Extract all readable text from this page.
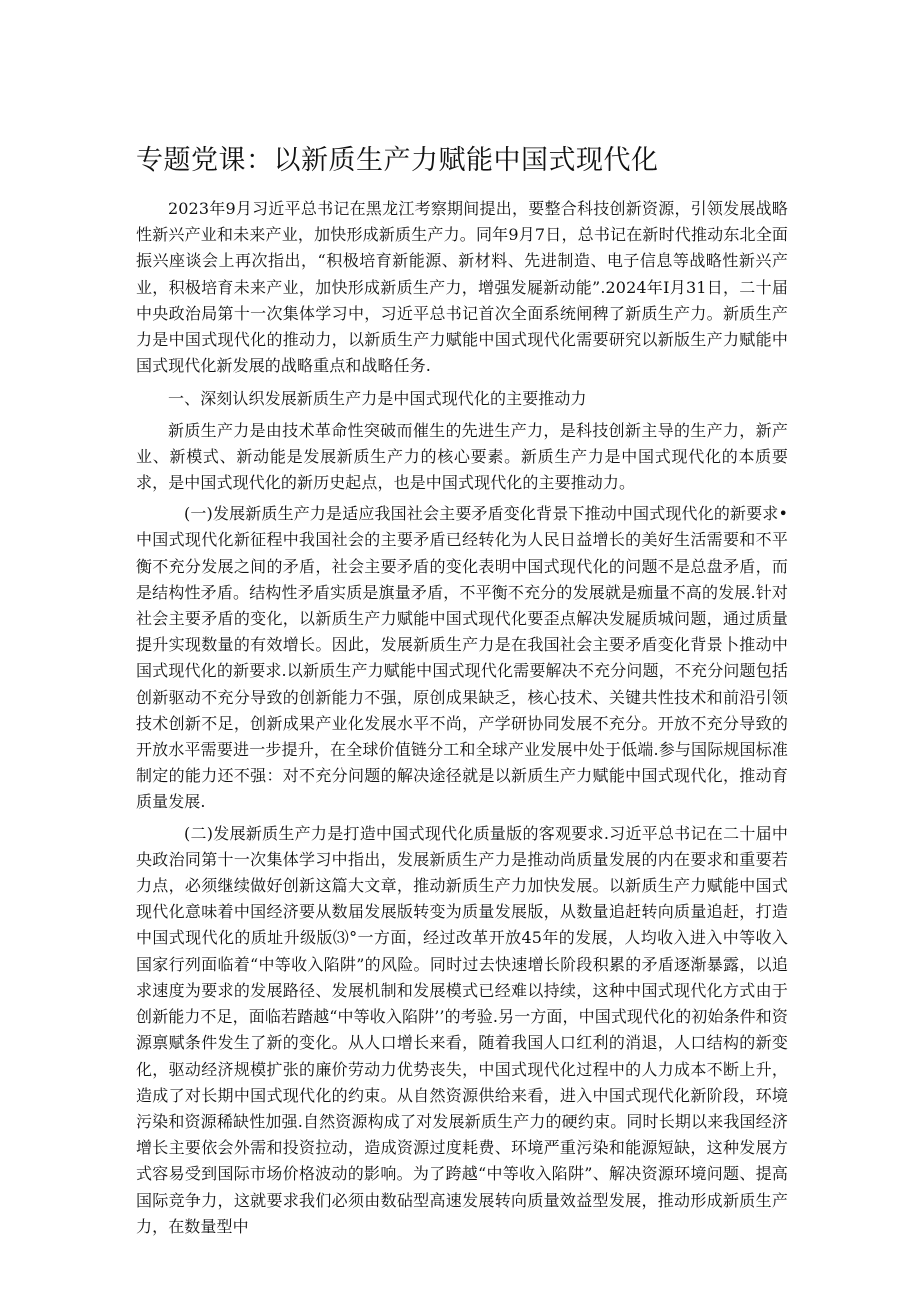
专题党课：以新质生产力赋能中国式现代化

2023年9月习近平总书记在黑龙江考察期间提出，要整合科技创新资源，引领发展战略性新兴产业和未来产业，加快形成新质生产力。同年9月7日，总书记在新时代推动东北全面振兴座谈会上再次指出，“积极培育新能源、新材料、先进制造、电子信息等战略性新兴产业，积极培育未来产业，加快形成新质生产力，增强发屣新动能”.2024年I月31日，二十届中央政治局第十一次集体学习中，习近平总书记首次全面系统闸稗了新质生产力。新质生产力是中国式现代化的推动力，以新质生产力赋能中国式现代化需要研究以新版生产力赋能中国式现代化新发展的战略重点和战略任务.

一、深刻认织发展新质生产力是中国式现代化的主要推动力

新质生产力是由技术革命性突破而催生的先进生产力，是科技创新主导的生产力，新产业、新模式、新动能是发展新质生产力的核心要素。新质生产力是中国式现代化的本质要求，是中国式现代化的新历史起点，也是中国式现代化的主要推动力。

(一)发展新质生产力是适应我国社会主要矛盾变化背景下推动中国式现代化的新要求•中国式现代化新征程中我国社会的主要矛盾已经转化为人民日益增长的美好生活需要和不平衡不充分发展之间的矛盾，社会主要矛盾的变化表明中国式现代化的问题不是总盘矛盾，而是结构性矛盾。结构性矛盾实质是旗量矛盾，不平衡不充分的发展就是痂量不高的发展.针对社会主要矛盾的变化，以新质生产力赋能中国式现代化要歪点解决发屣质城问题，通过质量提升实现数量的有效增长。因此，发展新质生产力是在我国社会主要矛盾变化背景卜推动中国式现代化的新要求.以新质生产力赋能中国式现代化需要解决不充分问题，不充分问题包括创新驱动不充分导致的创新能力不强，原创成果缺乏，核心技术、关键共性技术和前沿引领技术创新不足，创新成果产业化发展水平不尚，产学研协同发展不充分。开放不充分导致的开放水平需要进一步提升，在全球价值链分工和全球产业发展中处于低端.参与国际规国标准制定的能力还不强：对不充分问题的解决途径就是以新质生产力赋能中国式现代化，推动育质量发展.

(二)发展新质生产力是打造中国式现代化质量版的客观要求.习近平总书记在二十届中央政治同第十一次集体学习中指出，发展新质生产力是推动尚质量发展的内在要求和重要若力点，必须继续做好创新这篇大文章，推动新质生产力加快发展。以新质生产力赋能中国式现代化意味着中国经济要从数届发展版转变为质量发展版，从数量追赶转向质量追赶，打造中国式现代化的质址升级版⑶°一方面，经过改革开放45年的发展，人均收入进入中等收入国家行列面临着“中等收入陷阱”的风险。同时过去快速增长阶段积累的矛盾逐渐暴露，以追求速度为要求的发展路径、发展机制和发展模式已经难以持续，这种中国式现代化方式由于创新能力不足，面临若踏越“中等收入陷阱’’的考验.另一方面，中国式现代化的初始条件和资源禀赋条件发生了新的变化。从人口增长来看，随着我国人口红利的消退，人口结构的新变化，驱动经济规模扩张的廉价劳动力优势丧失，中国式现代化过程中的人力成本不断上升，造成了对长期中国式现代化的约束。从自然资源供给来看，进入中国式现代化新阶段，环境污染和资源稀缺性加强.自然资源构成了对发展新质生产力的硬约束。同时长期以来我国经济增长主要依会外需和投资拉动，造成资源过度耗费、环境严重污染和能源短缺，这种发展方式容易受到国际市场价格波动的影响。为了跨越“中等收入陷阱”、解决资源环境问题、提高国际竞争力，这就要求我们必须由数砧型高速发展转向质量效益型发展，推动形成新质生产力，在数量型中
